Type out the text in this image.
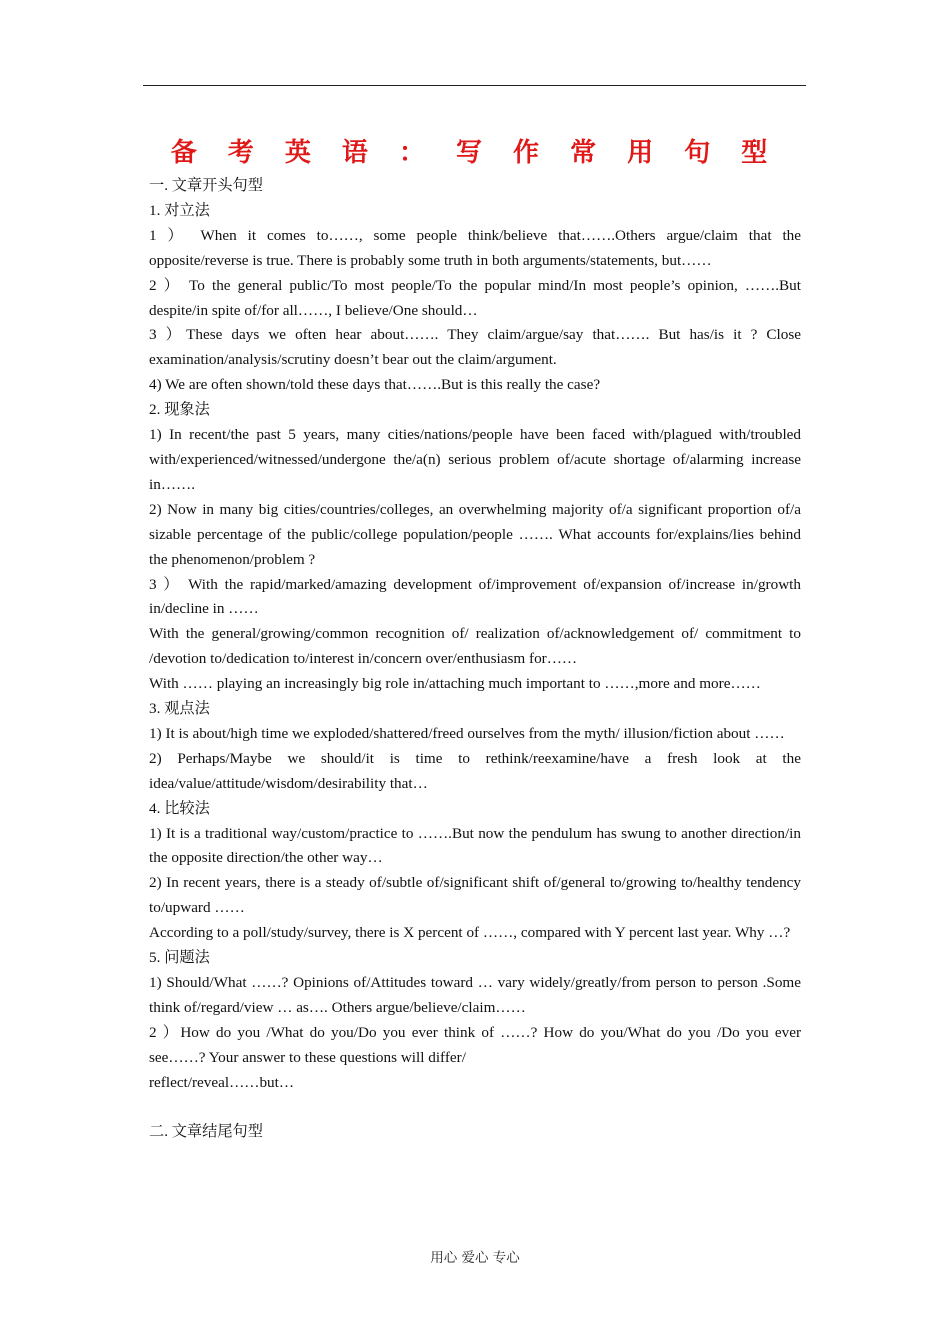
备 考 英 语 ： 写 作 常 用 句 型

一. 文章开头句型

1. 对立法

1 ） When it comes to……, some people think/believe that…….Others argue/claim that the opposite/reverse is true. There is probably some truth in both arguments/statements, but……

2 ） To the general public/To most people/To the popular mind/In most people’s opinion, …….But despite/in spite of/for all……, I believe/One should…

3 ）These days we often hear about……. They claim/argue/say that……. But has/is it ? Close examination/analysis/scrutiny doesn’t bear out the claim/argument.

4) We are often shown/told these days that…….But is this really the case?

2. 现象法

1) In recent/the past 5 years, many cities/nations/people have been faced with/plagued with/troubled with/experienced/witnessed/undergone the/a(n) serious problem of/acute shortage of/alarming increase in…….

2) Now in many big cities/countries/colleges, an overwhelming majority of/a significant proportion of/a sizable percentage of the public/college population/people ……. What accounts for/explains/lies behind the phenomenon/problem ?

3 ） With the rapid/marked/amazing development of/improvement of/expansion of/increase in/growth in/decline in ……

With the general/growing/common recognition of/ realization of/acknowledgement of/ commitment to /devotion to/dedication to/interest in/concern over/enthusiasm for……

With …… playing an increasingly big role in/attaching much important to ……,more and more……

3. 观点法

1) It is about/high time we exploded/shattered/freed ourselves from the myth/ illusion/fiction about ……

2) Perhaps/Maybe we should/it is time to rethink/reexamine/have a fresh look at the idea/value/attitude/wisdom/desirability that…

4. 比较法

1) It is a traditional way/custom/practice to …….But now the pendulum has swung to another direction/in the opposite direction/the other way…

2) In recent years, there is a steady of/subtle of/significant shift of/general to/growing to/healthy tendency to/upward ……

According to a poll/study/survey, there is X percent of ……, compared with Y percent last year. Why …?

5. 问题法

1) Should/What ……? Opinions of/Attitudes toward … vary widely/greatly/from person to person .Some think of/regard/view … as…. Others argue/believe/claim……

2 ）How do you /What do you/Do you ever think of ……? How do you/What do you /Do you ever see……? Your answer to these questions will differ/

reflect/reveal……but…

二. 文章结尾句型

用心 爱心 专心
